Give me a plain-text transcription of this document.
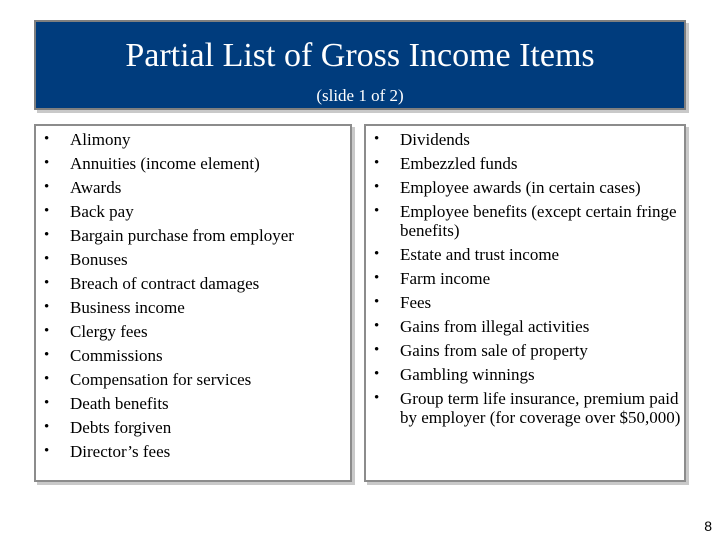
Partial List of Gross Income Items
(slide 1 of 2)
• Alimony
• Annuities (income element)
• Awards
• Back pay
• Bargain purchase from employer
• Bonuses
• Breach of contract damages
• Business income
• Clergy fees
• Commissions
• Compensation for services
• Death benefits
• Debts forgiven
• Director’s fees
• Dividends
• Embezzled funds
• Employee awards (in certain cases)
• Employee benefits (except certain fringe benefits)
• Estate and trust income
• Farm income
• Fees
• Gains from illegal activities
• Gains from sale of property
• Gambling winnings
• Group term life insurance, premium paid by employer (for coverage over $50,000)
8
